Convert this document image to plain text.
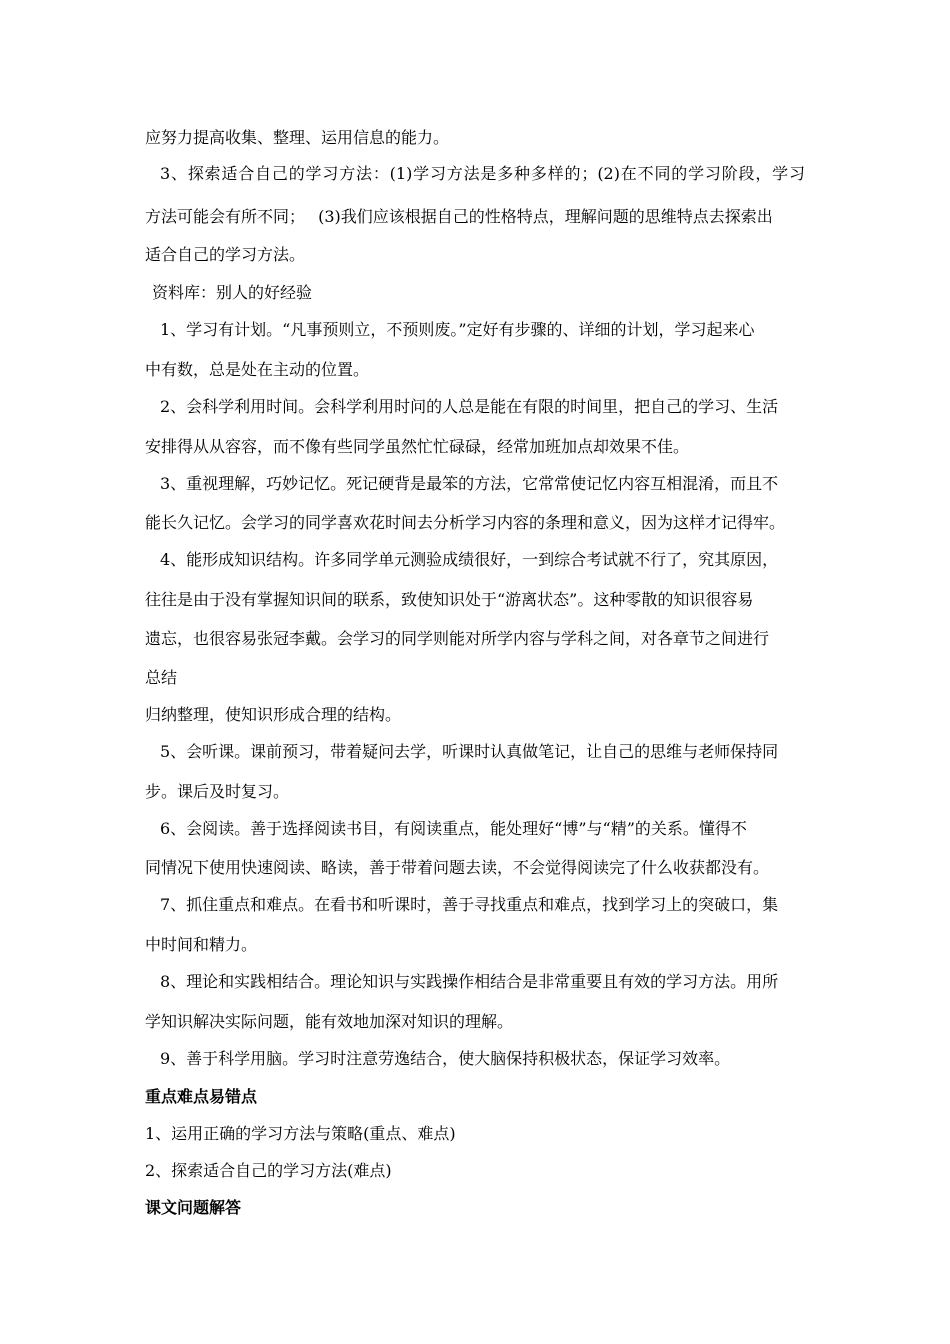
应努力提高收集、整理、运用信息的能力。
3、探索适合自己的学习方法：(1)学习方法是多种多样的；(2)在不同的学习阶段，学习
方法可能会有所不同；　 (3)我们应该根据自己的性格特点，理解问题的思维特点去探索出
适合自己的学习方法。
资料库：别人的好经验
1、学习有计划。“凡事预则立，不预则废。”定好有步骤的、详细的计划，学习起来心
中有数，总是处在主动的位置。
2、会科学利用时间。会科学利用时问的人总是能在有限的时间里，把自己的学习、生活
安排得从从容容，而不像有些同学虽然忙忙碌碌，经常加班加点却效果不佳。
3、重视理解，巧妙记忆。死记硬背是最笨的方法，它常常使记忆内容互相混淆，而且不
能长久记忆。会学习的同学喜欢花时间去分析学习内容的条理和意义，因为这样才记得牢。
4、能形成知识结构。许多同学单元测验成绩很好，一到综合考试就不行了，究其原因，
往往是由于没有掌握知识间的联系，致使知识处于“游离状态”。这种零散的知识很容易
遗忘，也很容易张冠李戴。会学习的同学则能对所学内容与学科之间，对各章节之间进行
总结
归纳整理，使知识形成合理的结构。
5、会听课。课前预习，带着疑问去学，听课时认真做笔记，让自己的思维与老师保持同
步。课后及时复习。
6、会阅读。善于选择阅读书目，有阅读重点，能处理好“博”与“精”的关系。懂得不
同情况下使用快速阅读、略读，善于带着问题去读，不会觉得阅读完了什么收获都没有。
7、抓住重点和难点。在看书和听课时，善于寻找重点和难点，找到学习上的突破口，集
中时间和精力。
8、理论和实践相结合。理论知识与实践操作相结合是非常重要且有效的学习方法。用所
学知识解决实际问题，能有效地加深对知识的理解。
9、善于科学用脑。学习时注意劳逸结合，使大脑保持积极状态，保证学习效率。
重点难点易错点
1、运用正确的学习方法与策略(重点、难点)
2、探索适合自己的学习方法(难点)
课文问题解答
